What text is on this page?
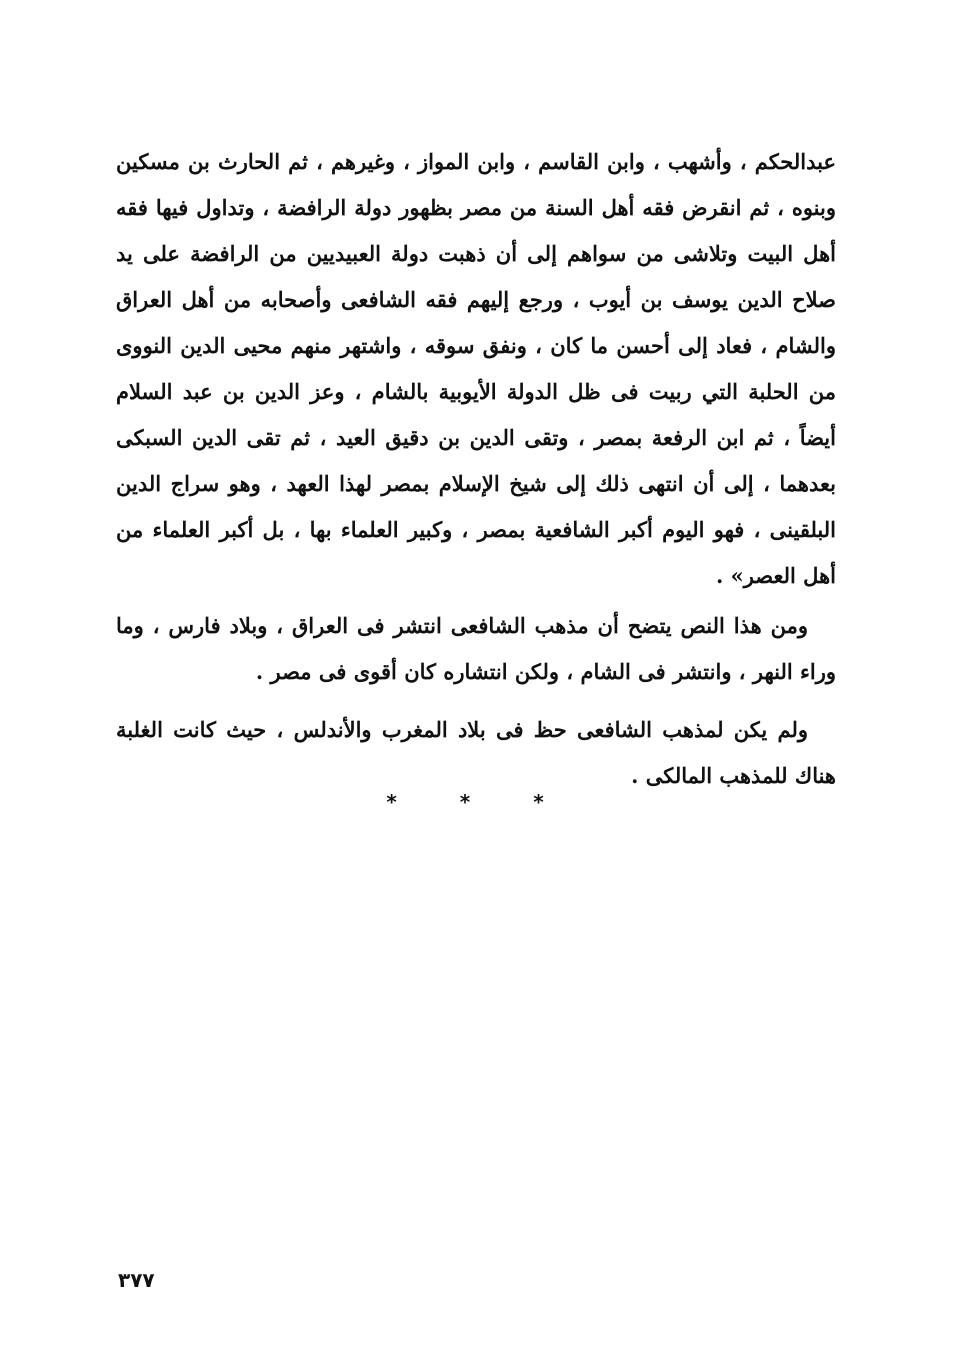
عبدالحكم ، وأشهب ، وابن القاسم ، وابن المواز ، وغيرهم ، ثم الحارث بن مسكين وبنوه ، ثم انقرض فقه أهل السنة من مصر بظهور دولة الرافضة ، وتداول فيها فقه أهل البيت وتلاشى من سواهم إلى أن ذهبت دولة العبيديين من الرافضة على يد صلاح الدين يوسف بن أيوب ، ورجع إليهم فقه الشافعى وأصحابه من أهل العراق والشام ، فعاد إلى أحسن ما كان ، ونفق سوقه ، واشتهر منهم محيى الدين النووى من الحلبة التي ربيت فى ظل الدولة الأيوبية بالشام ، وعز الدين بن عبد السلام أيضاً ، ثم ابن الرفعة بمصر ، وتقى الدين بن دقيق العيد ، ثم تقى الدين السبكى بعدهما ، إلى أن انتهى ذلك إلى شيخ الإسلام بمصر لهذا العهد ، وهو سراج الدين البلقينى ، فهو اليوم أكبر الشافعية بمصر ، وكبير العلماء بها ، بل أكبر العلماء من أهل العصر» .

ومن هذا النص يتضح أن مذهب الشافعى انتشر فى العراق ، وبلاد فارس ، وما وراء النهر ، وانتشر فى الشام ، ولكن انتشاره كان أقوى فى مصر .

ولم يكن لمذهب الشافعى حظ فى بلاد المغرب والأندلس ، حيث كانت الغلبة هناك للمذهب المالكى .

* * *
٣٧٧
